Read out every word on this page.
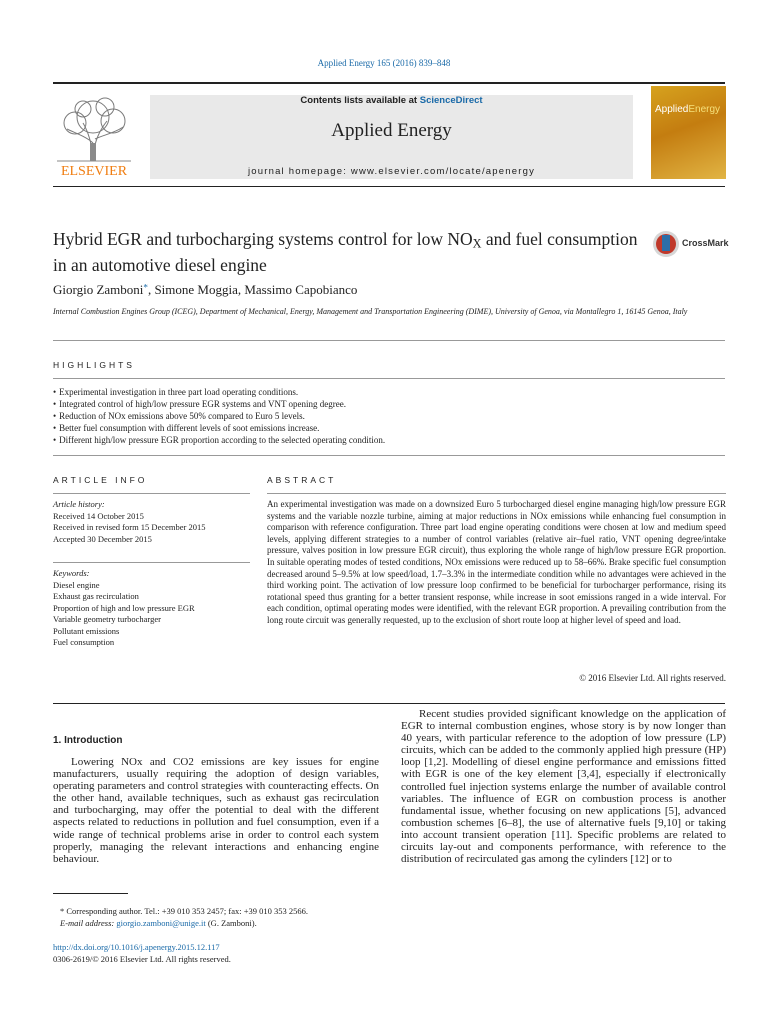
Applied Energy 165 (2016) 839–848
ELSEVIER
Contents lists available at ScienceDirect
Applied Energy
journal homepage: www.elsevier.com/locate/apenergy
AppliedEnergy
Hybrid EGR and turbocharging systems control for low $NO_X$ and fuel consumption in an automotive diesel engine
CrossMark
Giorgio Zamboni*, Simone Moggia, Massimo Capobianco
Internal Combustion Engines Group (ICEG), Department of Mechanical, Energy, Management and Transportation Engineering (DIME), University of Genoa, via Montallegro 1, 16145 Genoa, Italy
HIGHLIGHTS
• Experimental investigation in three part load operating conditions.
• Integrated control of high/low pressure EGR systems and VNT opening degree.
• Reduction of NOx emissions above 50% compared to Euro 5 levels.
• Better fuel consumption with different levels of soot emissions increase.
• Different high/low pressure EGR proportion according to the selected operating condition.
ARTICLE INFO	ABSTRACT
Article history:
Received 14 October 2015
Received in revised form 15 December 2015
Accepted 30 December 2015
Keywords:
Diesel engine
Exhaust gas recirculation
Proportion of high and low pressure EGR
Variable geometry turbocharger
Pollutant emissions
Fuel consumption
An experimental investigation was made on a downsized Euro 5 turbocharged diesel engine managing high/low pressure EGR systems and the variable nozzle turbine, aiming at major reductions in NOx emissions while enhancing fuel consumption in comparison with reference configuration. Three part load engine operating conditions were chosen at low and medium speed levels, applying different strategies to a number of control variables (relative air–fuel ratio, VNT opening degree/intake pressure, valves position in low pressure EGR circuit), thus exploring the whole range of high/low pressure EGR proportion. In suitable operating modes of tested conditions, NOx emissions were reduced up to 58–66%. Brake specific fuel consumption decreased around 5–9.5% at low speed/load, 1.7–3.3% in the intermediate condition while no advantages were achieved in the third working point. The activation of low pressure loop confirmed to be beneficial for turbocharger performance, rising its rotational speed thus granting for a better transient response, while increase in soot emissions ranged in a wide interval. For each condition, optimal operating modes were identified, with the relevant EGR proportion. A prevailing contribution from the long route circuit was generally requested, up to the exclusion of short route loop at higher level of speed and load.
© 2016 Elsevier Ltd. All rights reserved.
1. Introduction
Lowering NOx and CO2 emissions are key issues for engine manufacturers, usually requiring the adoption of design variables, operating parameters and control strategies with counteracting effects. On the other hand, available techniques, such as exhaust gas recirculation and turbocharging, may offer the potential to deal with the different aspects related to reductions in pollution and fuel consumption, even if a wide range of technical problems arise in order to control each system properly, managing the relevant interactions and enhancing engine behaviour.
Recent studies provided significant knowledge on the application of EGR to internal combustion engines, whose story is by now longer than 40 years, with particular reference to the adoption of low pressure (LP) circuits, which can be added to the commonly applied high pressure (HP) loop [1,2]. Modelling of diesel engine performance and emissions fitted with EGR is one of the key element [3,4], especially if electronically controlled fuel injection systems enlarge the number of available control variables. The influence of EGR on combustion process is another fundamental issue, whether focusing on new applications [5], advanced combustion schemes [6–8], the use of alternative fuels [9,10] or taking into account transient operation [11]. Specific problems are related to circuits lay-out and components performance, with reference to the distribution of recirculated gas among the cylinders [12] or to
* Corresponding author. Tel.: +39 010 353 2457; fax: +39 010 353 2566.
E-mail address: giorgio.zamboni@unige.it (G. Zamboni).
http://dx.doi.org/10.1016/j.apenergy.2015.12.117
0306-2619/© 2016 Elsevier Ltd. All rights reserved.
